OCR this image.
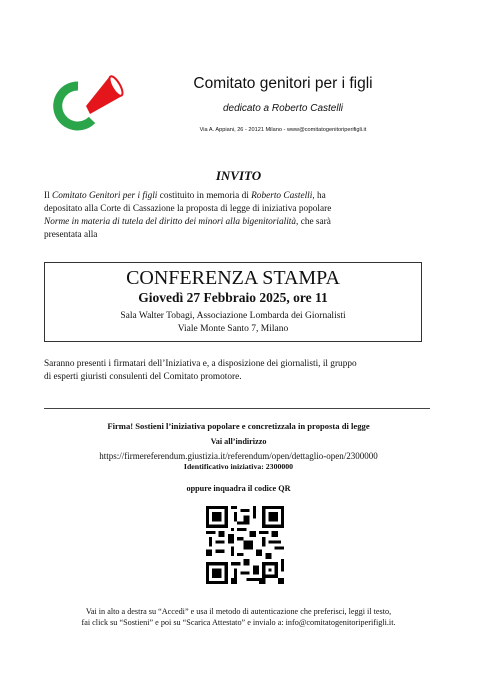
Comitato genitori per i figli
dedicato a Roberto Castelli
Via A. Appiani, 26 - 20121 Milano - www@comitatogenitoriperifigli.it
INVITO
Il Comitato Genitori per i figli costituito in memoria di Roberto Castelli, ha
depositato alla Corte di Cassazione la proposta di legge di iniziativa popolare
Norme in materia di tutela del diritto dei minori alla bigenitorialità, che sarà
presentata alla
CONFERENZA STAMPA
Giovedì 27 Febbraio 2025, ore 11
Sala Walter Tobagi, Associazione Lombarda dei Giornalisti
Viale Monte Santo 7, Milano
Saranno presenti i firmatari dell’Iniziativa e, a disposizione dei giornalisti, il gruppo
di esperti giuristi consulenti del Comitato promotore.
Firma! Sostieni l’iniziativa popolare e concretizzala in proposta di legge
Vai all’indirizzo
https://firmereferendum.giustizia.it/referendum/open/dettaglio-open/2300000
Identificativo iniziativa: 2300000
oppure inquadra il codice QR
Vai in alto a destra su “Accedi” e usa il metodo di autenticazione che preferisci, leggi il testo,
fai click su “Sostieni” e poi su “Scarica Attestato” e invialo a: info@comitatogenitoriperifigli.it.
